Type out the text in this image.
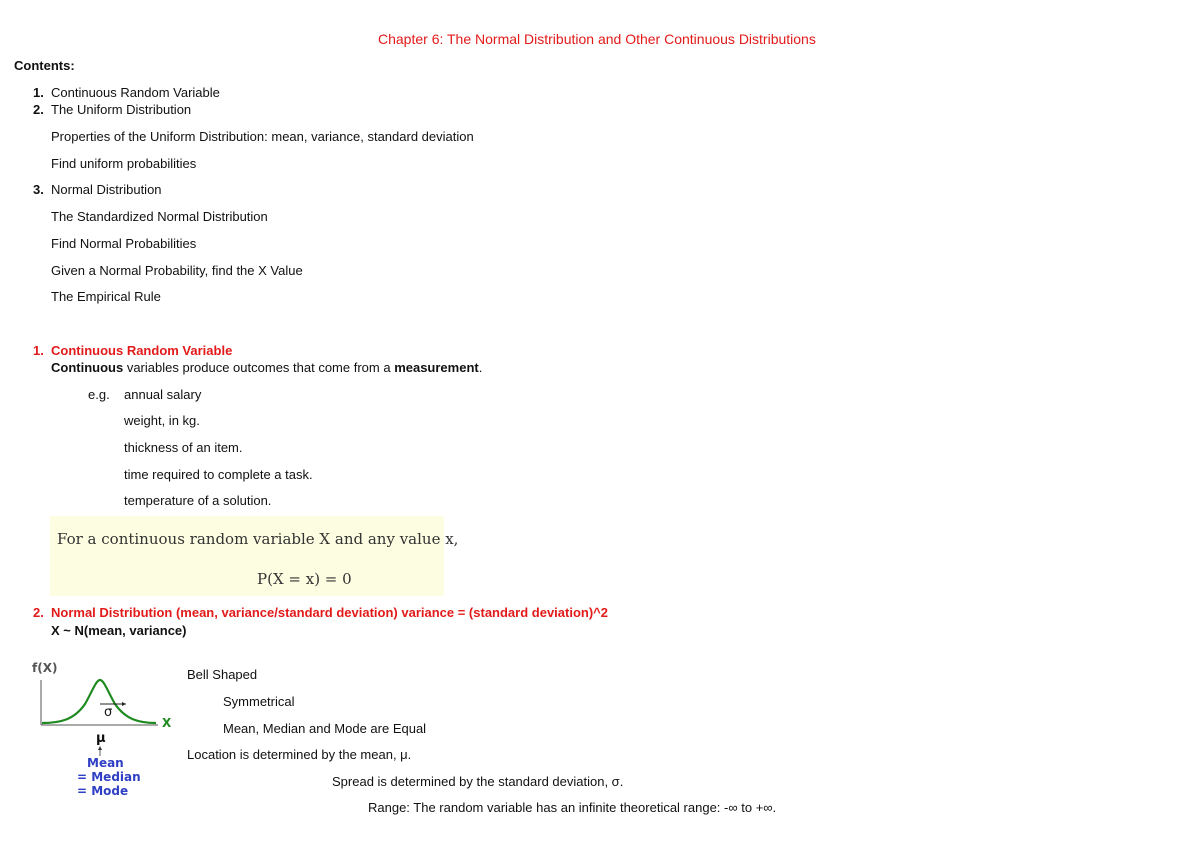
Chapter 6: The Normal Distribution and Other Continuous Distributions
Contents:
1. Continuous Random Variable
2. The Uniform Distribution
Properties of the Uniform Distribution: mean, variance, standard deviation
Find uniform probabilities
3. Normal Distribution
The Standardized Normal Distribution
Find Normal Probabilities
Given a Normal Probability, find the X Value
The Empirical Rule
1. Continuous Random Variable
Continuous variables produce outcomes that come from a measurement.
e.g. annual salary
weight, in kg.
thickness of an item.
time required to complete a task.
temperature of a solution.
For a continuous random variable X and any value x,
P(X = x) = 0
2. Normal Distribution (mean, variance/standard deviation) variance = (standard deviation)^2
X ~ N(mean, variance)
f(X)
σ
X
μ
Mean
= Median
= Mode
Bell Shaped
Symmetrical
Mean, Median and Mode are Equal
Location is determined by the mean, μ.
Spread is determined by the standard deviation, σ.
Range: The random variable has an infinite theoretical range: -∞ to +∞.
